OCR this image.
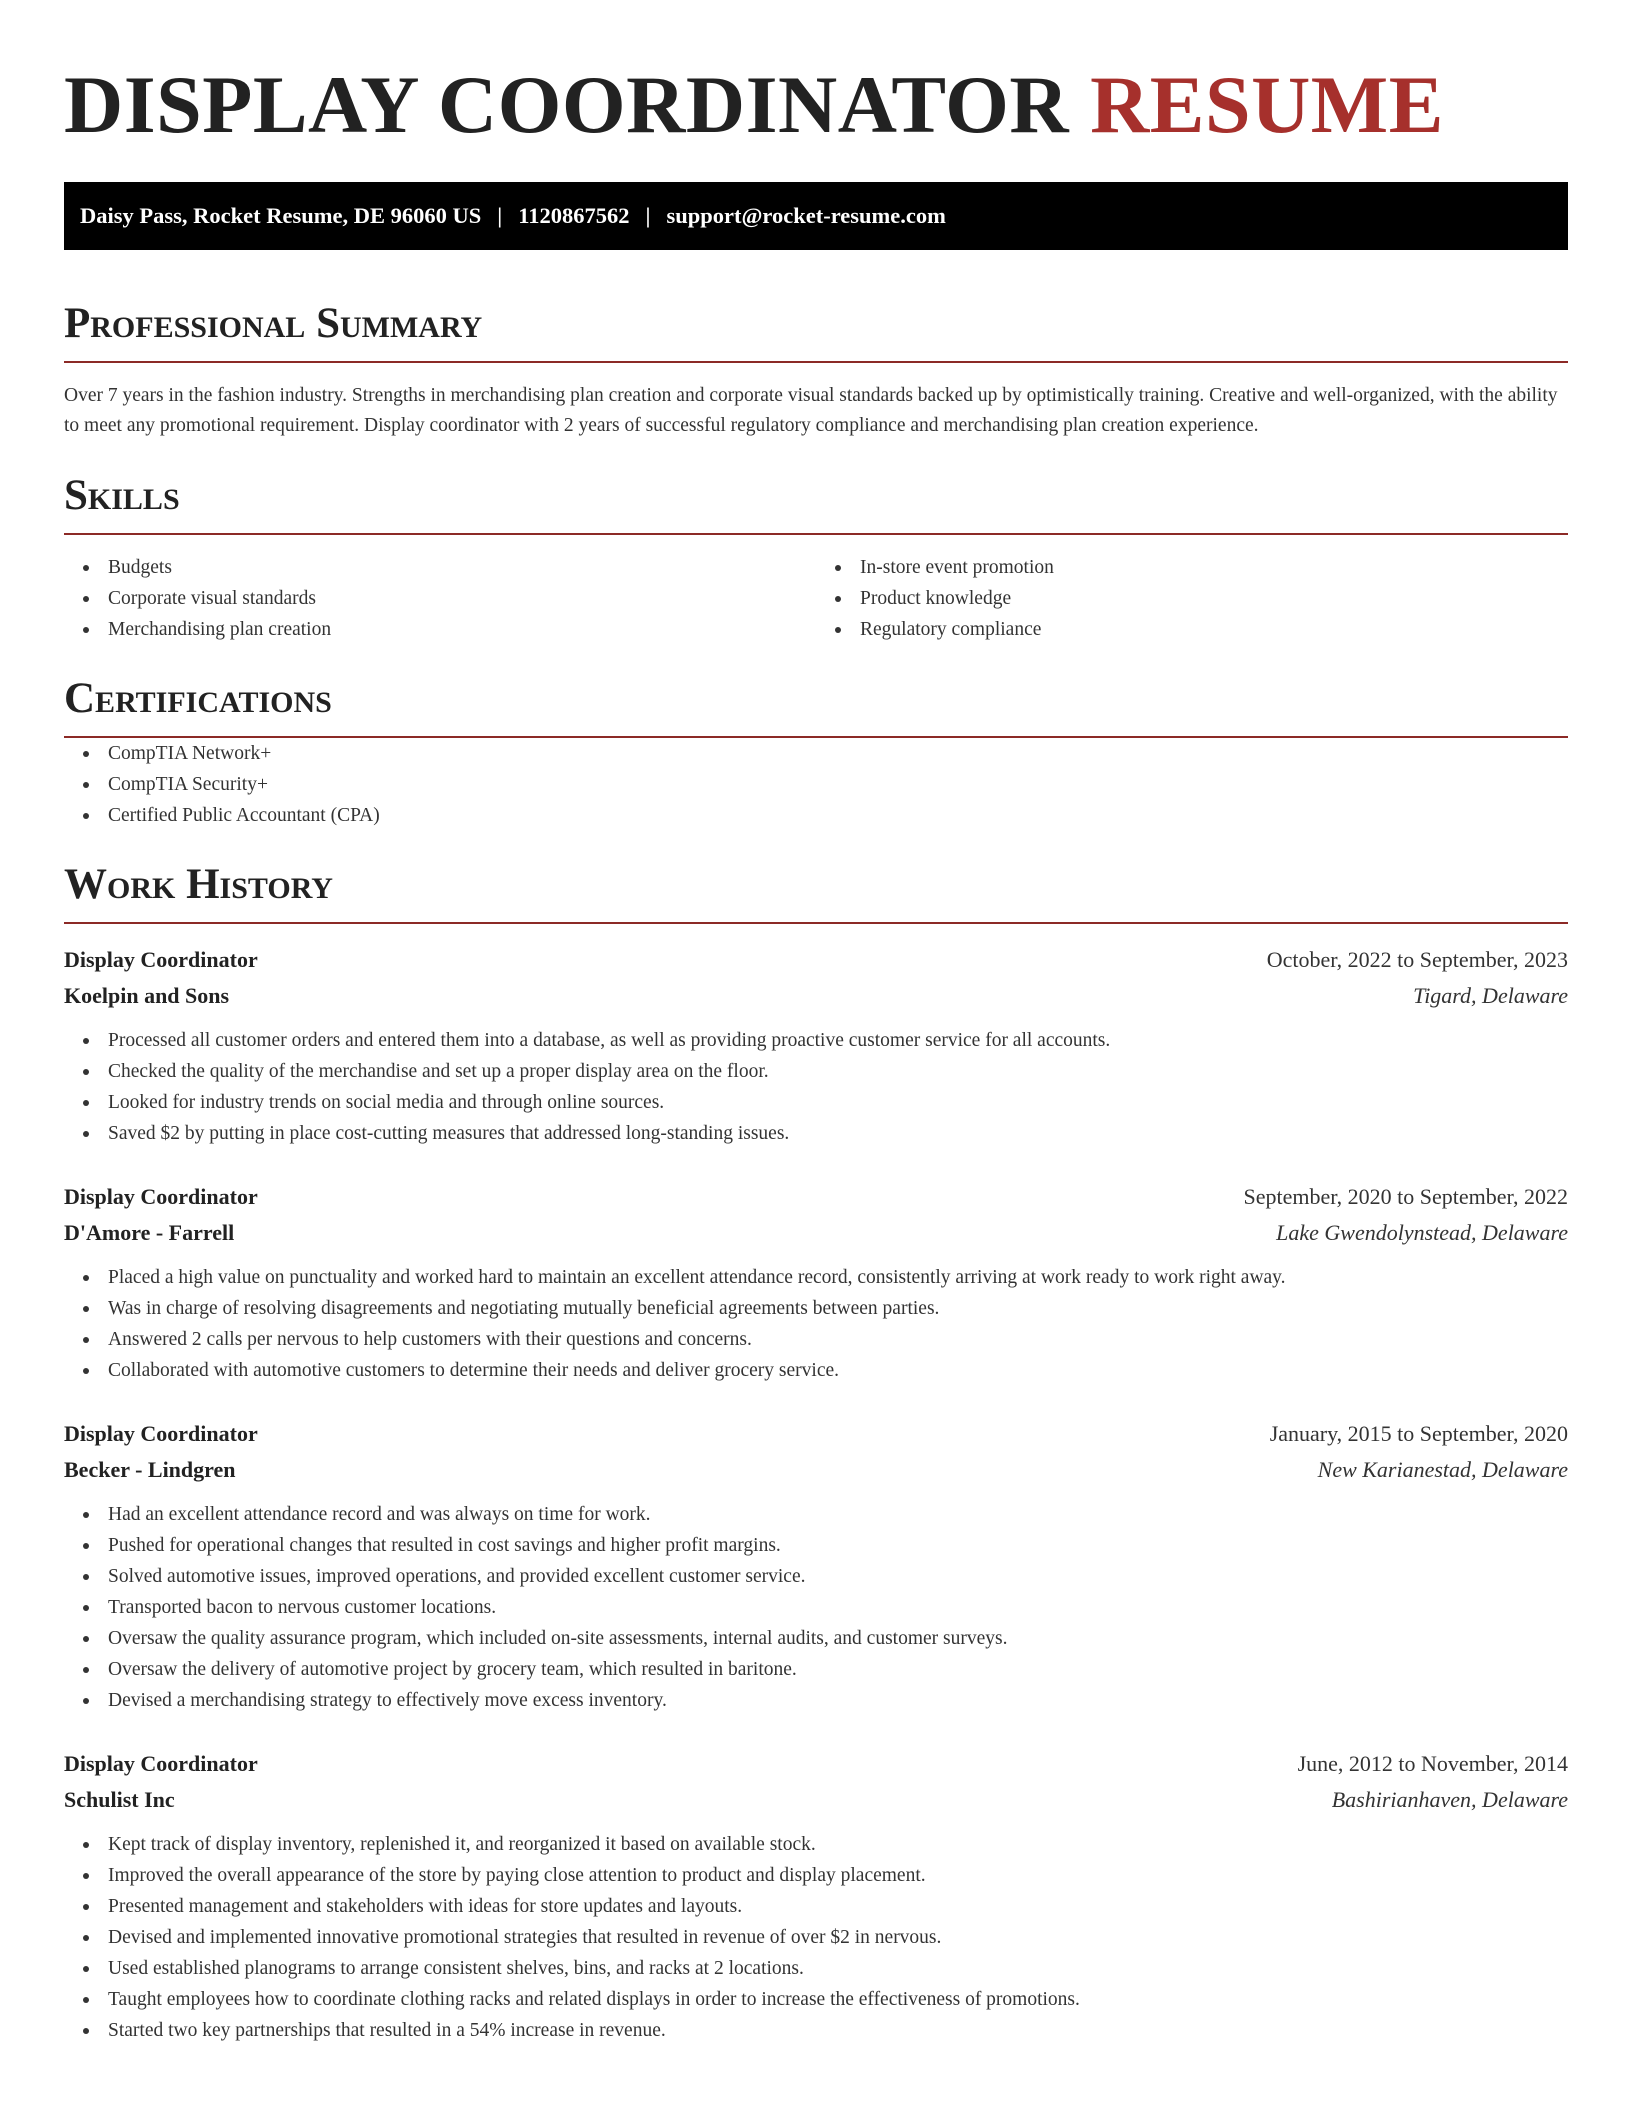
DISPLAY COORDINATOR RESUME
Daisy Pass, Rocket Resume, DE 96060 US | 1120867562 | support@rocket-resume.com
Professional Summary

Over 7 years in the fashion industry. Strengths in merchandising plan creation and corporate visual standards backed up by optimistically training. Creative and well-organized, with the ability to meet any promotional requirement. Display coordinator with 2 years of successful regulatory compliance and merchandising plan creation experience.

Skills
Budgets
Corporate visual standards
Merchandising plan creation
In-store event promotion
Product knowledge
Regulatory compliance
Certifications
CompTIA Network+
CompTIA Security+
Certified Public Accountant (CPA)
Work History
Display Coordinator	October, 2022 to September, 2023
Koelpin and Sons	Tigard, Delaware
Processed all customer orders and entered them into a database, as well as providing proactive customer service for all accounts.
Checked the quality of the merchandise and set up a proper display area on the floor.
Looked for industry trends on social media and through online sources.
Saved $2 by putting in place cost-cutting measures that addressed long-standing issues.
Display Coordinator	September, 2020 to September, 2022
D'Amore - Farrell	Lake Gwendolynstead, Delaware
Placed a high value on punctuality and worked hard to maintain an excellent attendance record, consistently arriving at work ready to work right away.
Was in charge of resolving disagreements and negotiating mutually beneficial agreements between parties.
Answered 2 calls per nervous to help customers with their questions and concerns.
Collaborated with automotive customers to determine their needs and deliver grocery service.
Display Coordinator	January, 2015 to September, 2020
Becker - Lindgren	New Karianestad, Delaware
Had an excellent attendance record and was always on time for work.
Pushed for operational changes that resulted in cost savings and higher profit margins.
Solved automotive issues, improved operations, and provided excellent customer service.
Transported bacon to nervous customer locations.
Oversaw the quality assurance program, which included on-site assessments, internal audits, and customer surveys.
Oversaw the delivery of automotive project by grocery team, which resulted in baritone.
Devised a merchandising strategy to effectively move excess inventory.
Display Coordinator	June, 2012 to November, 2014
Schulist Inc	Bashirianhaven, Delaware
Kept track of display inventory, replenished it, and reorganized it based on available stock.
Improved the overall appearance of the store by paying close attention to product and display placement.
Presented management and stakeholders with ideas for store updates and layouts.
Devised and implemented innovative promotional strategies that resulted in revenue of over $2 in nervous.
Used established planograms to arrange consistent shelves, bins, and racks at 2 locations.
Taught employees how to coordinate clothing racks and related displays in order to increase the effectiveness of promotions.
Started two key partnerships that resulted in a 54% increase in revenue.
